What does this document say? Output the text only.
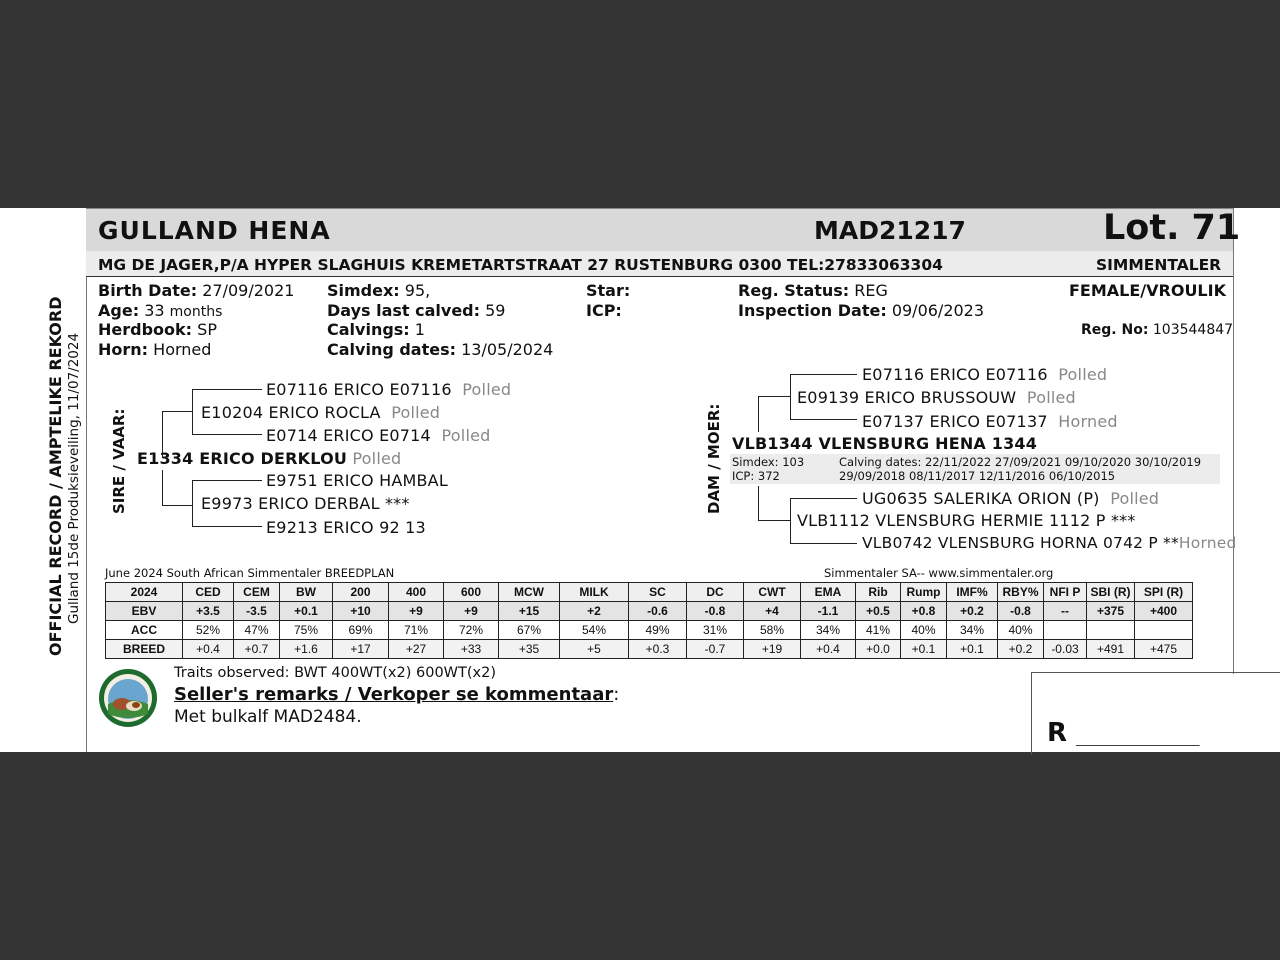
GULLAND HENA	MAD21217	Lot. 71
MG DE JAGER,P/A HYPER SLAGHUIS KREMETARTSTRAAT 27 RUSTENBURG 0300 TEL:27833063304	SIMMENTALER
Birth Date: 27/09/2021
Age: 33 months
Herdbook: SP
Horn: Horned
Simdex: 95,
Days last calved: 59
Calvings: 1
Calving dates: 13/05/2024
Star:
ICP:
Reg. Status: REG
Inspection Date: 09/06/2023
FEMALE/VROULIK
Reg. No: 103544847
OFFICIAL RECORD / AMPTELIKE REKORD Gulland 15de Produksieveiling, 11/07/2024 SIRE / VAAR:	DAM / MOER:
E07116 ERICO E07116 Polled
E10204 ERICO ROCLA Polled
E0714 ERICO E0714 Polled
E1334 ERICO DERKLOU Polled
E9751 ERICO HAMBAL
E9973 ERICO DERBAL ***
E9213 ERICO 92 13
E07116 ERICO E07116 Polled
E09139 ERICO BRUSSOUW Polled
E07137 ERICO E07137 Horned
VLB1344 VLENSBURG HENA 1344
Simdex: 103
ICP: 372
Calving dates: 22/11/2022 27/09/2021 09/10/2020 30/10/2019
29/09/2018 08/11/2017 12/11/2016 06/10/2015
UG0635 SALERIKA ORION (P) Polled
VLB1112 VLENSBURG HERMIE 1112 P ***
VLB0742 VLENSBURG HORNA 0742 P **Horned
June 2024 South African Simmentaler BREEDPLAN	Simmentaler SA-- www.simmentaler.org
2024	CED	CEM	BW	200	400	600	MCW	MILK	SC	DC	CWT	EMA	Rib	Rump	IMF%	RBY%	NFI P	SBI (R)	SPI (R)
EBV	+3.5	-3.5	+0.1	+10	+9	+9	+15	+2	-0.6	-0.8	+4	-1.1	+0.5	+0.8	+0.2	-0.8	--	+375	+400
ACC	52%	47%	75%	69%	71%	72%	67%	54%	49%	31%	58%	34%	41%	40%	34%	40%			
BREED	+0.4	+0.7	+1.6	+17	+27	+33	+35	+5	+0.3	-0.7	+19	+0.4	+0.0	+0.1	+0.1	+0.2	-0.03	+491	+475
Traits observed: BWT 400WT(x2) 600WT(x2)
Seller's remarks / Verkoper se kommentaar:
Met bulkalf MAD2484.
R ___________________
